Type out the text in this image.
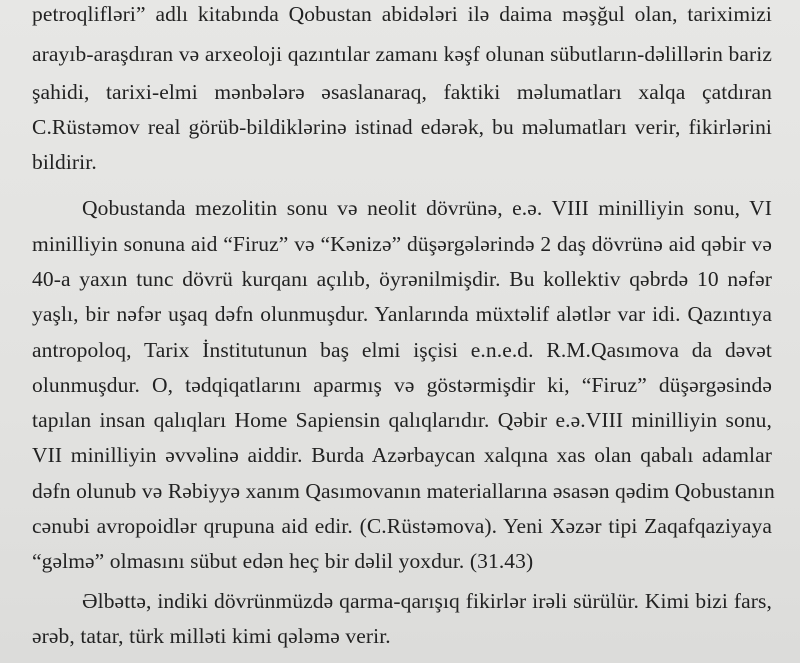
petroqlifləri” adlı kitabında Qobustan abidələri ilə daima məşğul olan, tariximizi
arayıb-araşdıran və arxeoloji qazıntılar zamanı kəşf olunan sübutların-dəlillərin bariz
şahidi, tarixi-elmi mənbələrə əsaslanaraq, faktiki məlumatları xalqa çatdıran
C.Rüstəmov real görüb-bildiklərinə istinad edərək, bu məlumatları verir, fikirlərini
bildirir.
Qobustanda mezolitin sonu və neolit dövrünə, e.ə. VIII minilliyin sonu, VI
minilliyin sonuna aid “Firuz” və “Kənizə” düşərgələrində 2 daş dövrünə aid qəbir və
40-a yaxın tunc dövrü kurqanı açılıb, öyrənilmişdir. Bu kollektiv qəbrdə 10 nəfər
yaşlı, bir nəfər uşaq dəfn olunmuşdur. Yanlarında müxtəlif alətlər var idi. Qazıntıya
antropoloq, Tarix İnstitutunun baş elmi işçisi e.n.e.d. R.M.Qasımova da dəvət
olunmuşdur. O, tədqiqatlarını aparmış və göstərmişdir ki, “Firuz” düşərgəsində
tapılan insan qalıqları Home Sapiensin qalıqlarıdır. Qəbir e.ə.VIII minilliyin sonu,
VII minilliyin əvvəlinə aiddir. Burda Azərbaycan xalqına xas olan qabalı adamlar
dəfn olunub və Rəbiyyə xanım Qasımovanın materiallarına əsasən qədim Qobustanın
cənubi avropoidlər qrupuna aid edir. (C.Rüstəmova). Yeni Xəzər tipi Zaqafqaziyaya
“gəlmə” olmasını sübut edən heç bir dəlil yoxdur. (31.43)
Əlbəttə, indiki dövrünmüzdə qarma-qarışıq fikirlər irəli sürülür. Kimi bizi fars,
ərəb, tatar, türk milləti kimi qələmə verir.
